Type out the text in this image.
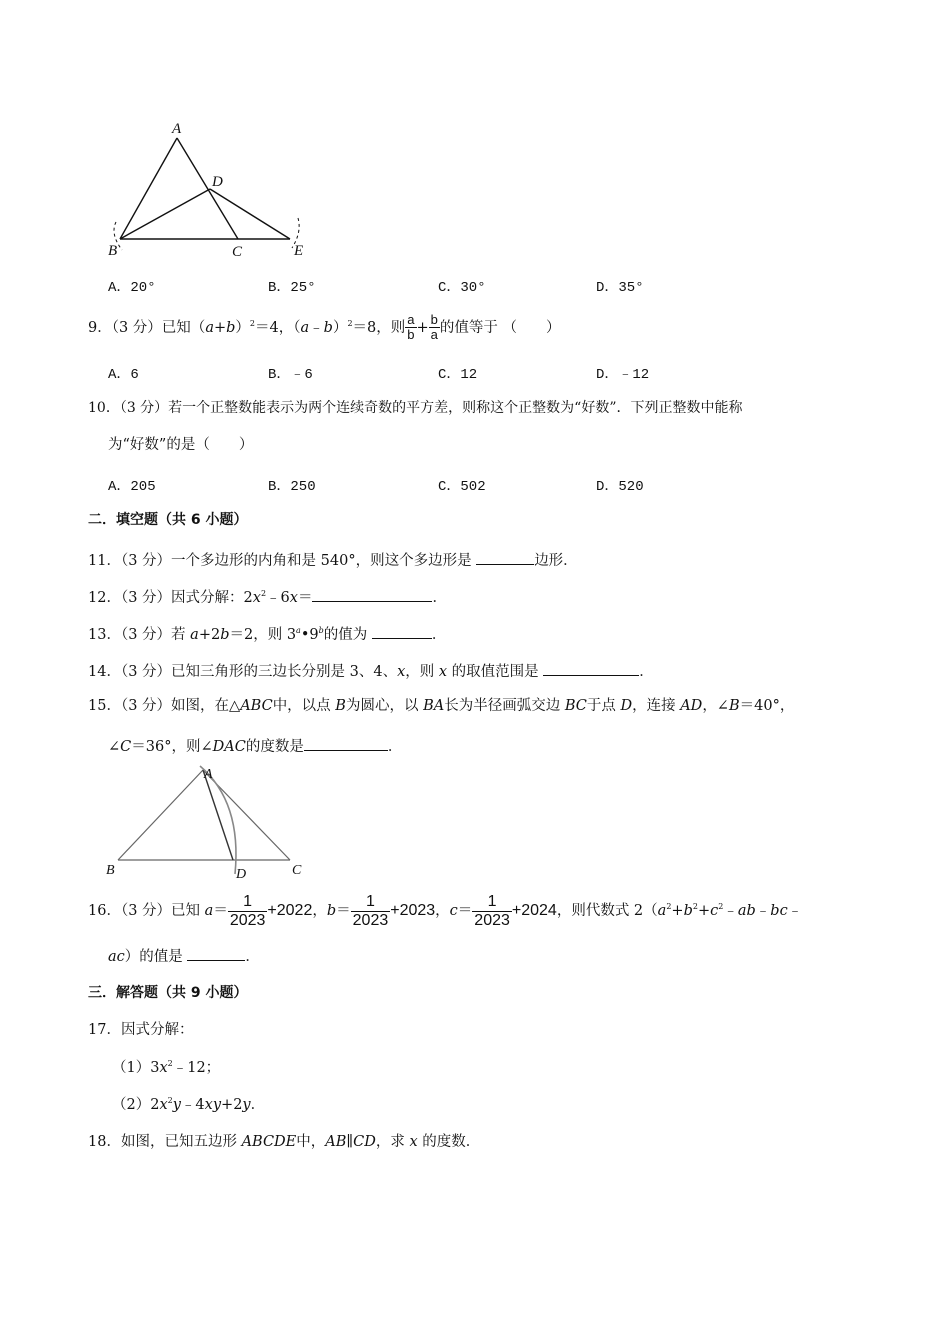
A
D
B	C	E
A．20°	B．25°	C．30°	D．35°
9．（3 分）已知$(a+b)^2=4$，（a﹣b）$^2$＝8，则 $\frac{a}{b} + \frac{b}{a}$ 的值等于 （　　）
A．6	B．﹣6	C．12	D．﹣12
10．（3 分）若一个正整数能表示为两个连续奇数的平方差，则称这个正整数为“好数”．下列正整数中能称
为“好数”的是（　　）
A．205	B．250	C．502	D．520
二．填空题（共 6 小题）
11．（3 分）一个多边形的内角和是 540°，则这个多边形是	边形．
12．（3 分）因式分解：$2x^2﹣6x=$	．
13．（3 分）若 a+2b＝2，则 3$^a$•9$^b$的值为	．
14．（3 分）已知三角形的三边长分别是 3、4、x，则 x 的取值范围是	．
15．（3 分）如图，在△ABC中，以点 B为圆心，以 BA长为半径画弧交边 BC于点 D，连接 AD，∠B＝40°，
∠C＝36°，则∠DAC的度数是	．
A
B	D	C
16．（3 分）已知 $a= \frac{1}{2023} +2022$，$b= \frac{1}{2023} +2023$，$c= \frac{1}{2023} +2024$，则代数式 $2(a^2+b^2+c^2﹣ab﹣bc﹣$
ac）的值是	．
三．解答题（共 9 小题）
17．因式分解：
$(1)3x^2﹣12$；
$(2)2x^2y﹣4xy+2y$．
18．如图，已知五边形 ABCDE中，AB∥CD，求 x 的度数．
